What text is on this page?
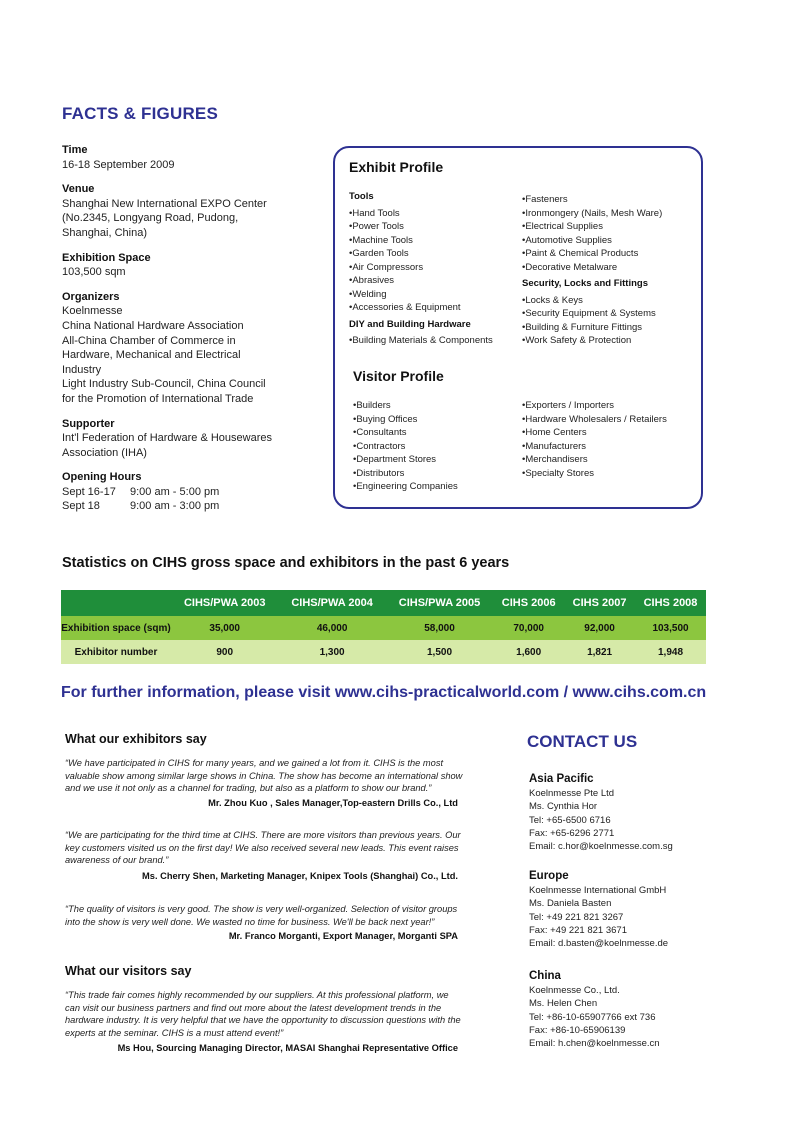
FACTS & FIGURES
Time
16-18 September 2009
Venue
Shanghai New International EXPO Center
(No.2345, Longyang Road, Pudong,
Shanghai, China)
Exhibition Space
103,500 sqm
Organizers
Koelnmesse
China National Hardware Association
All-China Chamber of Commerce in
Hardware, Mechanical and Electrical
Industry
Light Industry Sub-Council, China Council
for the Promotion of International Trade
Supporter
Int'l Federation of Hardware & Housewares
Association (IHA)
Opening Hours
Sept 16-17	9:00 am - 5:00 pm
Sept 18	9:00 am - 3:00 pm
Exhibit Profile
Tools
• Hand Tools
• Power Tools
• Machine Tools
• Garden Tools
• Air Compressors
• Abrasives
• Welding
• Accessories & Equipment
DIY and Building Hardware
• Building Materials & Components
• Fasteners
• Ironmongery (Nails, Mesh Ware)
• Electrical Supplies
• Automotive Supplies
• Paint & Chemical Products
• Decorative Metalware
Security, Locks and Fittings
• Locks & Keys
• Security Equipment & Systems
• Building & Furniture Fittings
• Work Safety & Protection
Visitor Profile
• Builders
• Buying Offices
• Consultants
• Contractors
• Department Stores
• Distributors
• Engineering Companies
• Exporters / Importers
• Hardware Wholesalers / Retailers
• Home Centers
• Manufacturers
• Merchandisers
• Specialty Stores
Statistics on CIHS gross space and exhibitors in the past 6 years
	CIHS/PWA 2003	CIHS/PWA 2004	CIHS/PWA 2005	CIHS 2006	CIHS 2007	CIHS 2008
Exhibition space (sqm)	35,000	46,000	58,000	70,000	92,000	103,500
Exhibitor number	900	1,300	1,500	1,600	1,821	1,948
For further information, please visit www.cihs-practicalworld.com / www.cihs.com.cn
What our exhibitors say
“We have participated in CIHS for many years, and we gained a lot from it. CIHS is the most valuable show among similar large shows in China. The show has become an international show and we use it not only as a channel for trading, but also as a platform to show our brand.”
Mr. Zhou Kuo , Sales Manager,Top-eastern Drills Co., Ltd
“We are participating for the third time at CIHS. There are more visitors than previous years. Our key customers visited us on the first day! We also received several new leads. This event raises awareness of our brand.”
Ms. Cherry Shen, Marketing Manager, Knipex Tools (Shanghai) Co., Ltd.
“The quality of visitors is very good. The show is very well-organized. Selection of visitor groups into the show is very well done. We wasted no time for business. We'll be back next year!”
Mr. Franco Morganti, Export Manager, Morganti SPA
What our visitors say
“This trade fair comes highly recommended by our suppliers. At this professional platform, we can visit our business partners and find out more about the latest development trends in the hardware industry. It is very helpful that we have the opportunity to discussion questions with the experts at the seminar. CIHS is a must attend event!”
Ms Hou, Sourcing Managing Director, MASAI Shanghai Representative Office
CONTACT US
Asia Pacific
Koelnmesse Pte Ltd
Ms. Cynthia Hor
Tel: +65-6500 6716
Fax: +65-6296 2771
Email: c.hor@koelnmesse.com.sg
Europe
Koelnmesse International GmbH
Ms. Daniela Basten
Tel: +49 221 821 3267
Fax: +49 221 821 3671
Email: d.basten@koelnmesse.de
China
Koelnmesse Co., Ltd.
Ms. Helen Chen
Tel: +86-10-65907766 ext 736
Fax: +86-10-65906139
Email: h.chen@koelnmesse.cn
